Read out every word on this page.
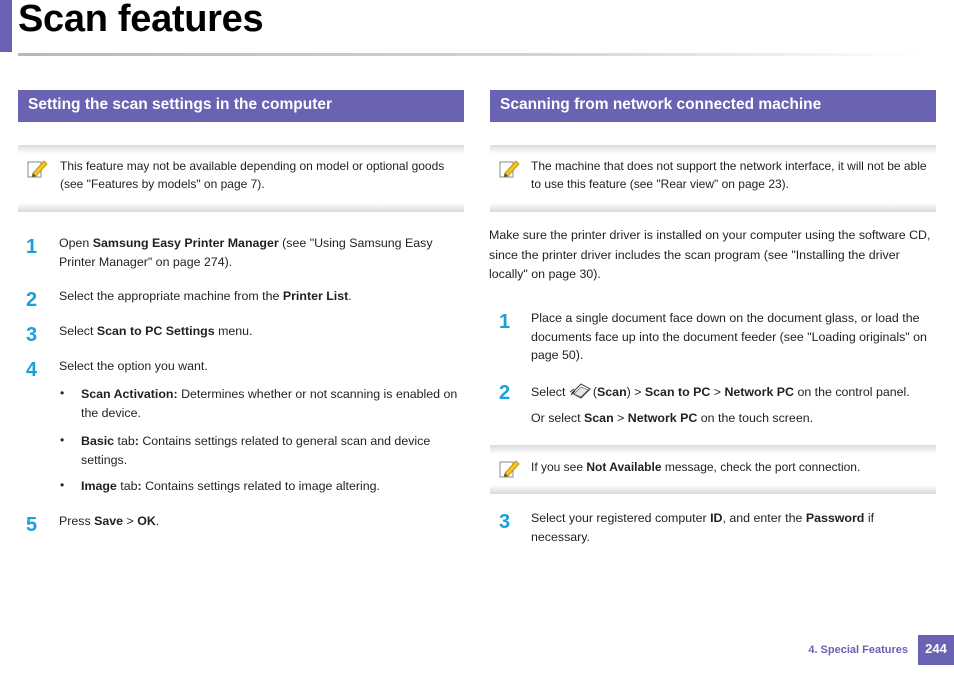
Scan features
Setting the scan settings in the computer
This feature may not be available depending on model or optional goods
(see "Features by models" on page 7).
1 Open Samsung Easy Printer Manager (see "Using Samsung Easy
Printer Manager" on page 274).
2 Select the appropriate machine from the Printer List.
3 Select Scan to PC Settings menu.
4 Select the option you want.
• Scan Activation: Determines whether or not scanning is enabled on
the device.
• Basic tab: Contains settings related to general scan and device
settings.
• Image tab: Contains settings related to image altering.
5 Press Save > OK.
Scanning from network connected machine
The machine that does not support the network interface, it will not be able
to use this feature (see "Rear view" on page 23).
Make sure the printer driver is installed on your computer using the software CD,
since the printer driver includes the scan program (see "Installing the driver
locally" on page 30).
1 Place a single document face down on the document glass, or load the
documents face up into the document feeder (see "Loading originals" on
page 50).
2 Select (Scan) > Scan to PC > Network PC on the control panel.
Or select Scan > Network PC on the touch screen.
If you see Not Available message, check the port connection.
3 Select your registered computer ID, and enter the Password if
necessary.
4. Special Features	244
